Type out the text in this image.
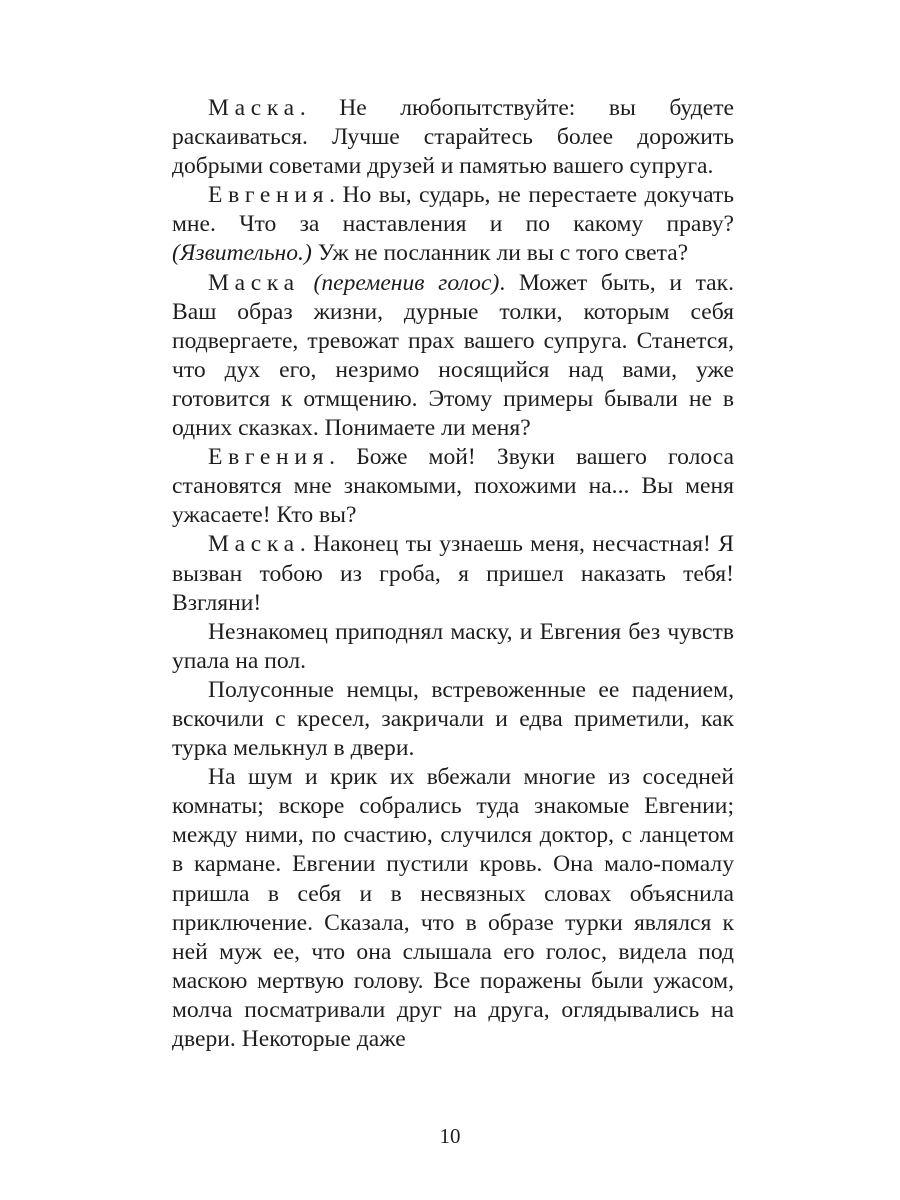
Маска. Не любопытствуйте: вы будете раскаиваться. Лучше старайтесь более дорожить добрыми советами друзей и памятью вашего супруга.

Евгения. Но вы, сударь, не перестаете докучать мне. Что за наставления и по какому праву? (Язвительно.) Уж не посланник ли вы с того света?

Маска (переменив голос). Может быть, и так. Ваш образ жизни, дурные толки, которым себя подвергаете, тревожат прах вашего супруга. Станется, что дух его, незримо носящийся над вами, уже готовится к отмщению. Этому примеры бывали не в одних сказках. Понимаете ли меня?

Евгения. Боже мой! Звуки вашего голоса становятся мне знакомыми, похожими на... Вы меня ужасаете! Кто вы?

Маска. Наконец ты узнаешь меня, несчастная! Я вызван тобою из гроба, я пришел наказать тебя! Взгляни!

Незнакомец приподнял маску, и Евгения без чувств упала на пол.

Полусонные немцы, встревоженные ее падением, вскочили с кресел, закричали и едва приметили, как турка мелькнул в двери.

На шум и крик их вбежали многие из соседней комнаты; вскоре собрались туда знакомые Евгении; между ними, по счастию, случился доктор, с ланцетом в кармане. Евгении пустили кровь. Она мало-помалу пришла в себя и в несвязных словах объяснила приключение. Сказала, что в образе турки являлся к ней муж ее, что она слышала его голос, видела под маскою мертвую голову. Все поражены были ужасом, молча посматривали друг на друга, оглядывались на двери. Некоторые даже

10
